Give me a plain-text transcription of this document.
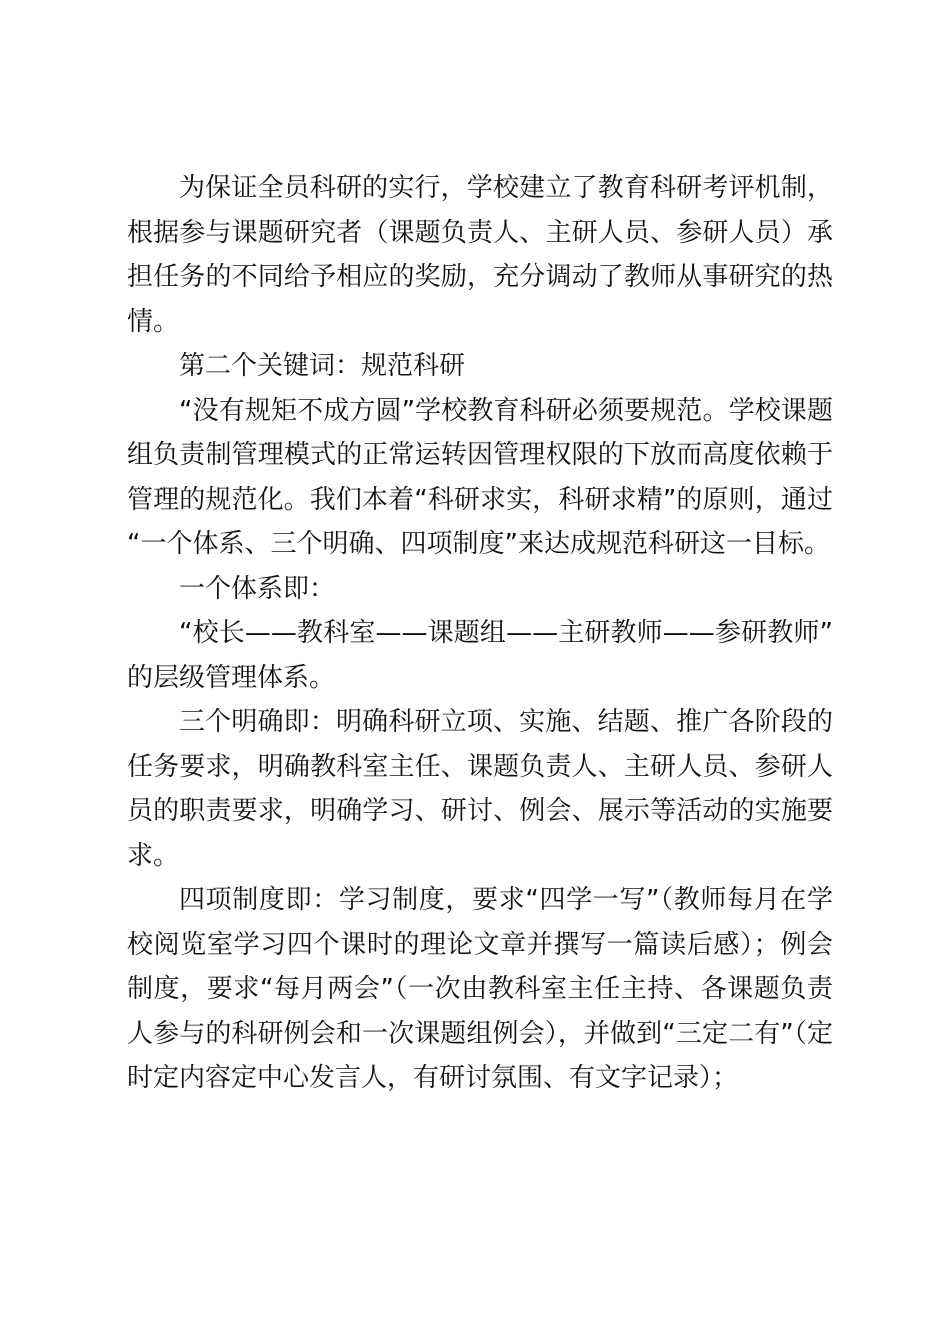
为保证全员科研的实行，学校建立了教育科研考评机制，根据参与课题研究者（课题负责人、主研人员、参研人员）承担任务的不同给予相应的奖励，充分调动了教师从事研究的热情。

第二个关键词：规范科研

“没有规矩不成方圆”学校教育科研必须要规范。学校课题组负责制管理模式的正常运转因管理权限的下放而高度依赖于管理的规范化。我们本着“科研求实，科研求精”的原则，通过“一个体系、三个明确、四项制度”来达成规范科研这一目标。

一个体系即：

“校长——教科室——课题组——主研教师——参研教师”的层级管理体系。

三个明确即：明确科研立项、实施、结题、推广各阶段的任务要求，明确教科室主任、课题负责人、主研人员、参研人员的职责要求，明确学习、研讨、例会、展示等活动的实施要求。

四项制度即：学习制度，要求“四学一写”（教师每月在学校阅览室学习四个课时的理论文章并撰写一篇读后感）；例会制度，要求“每月两会”（一次由教科室主任主持、各课题负责人参与的科研例会和一次课题组例会），并做到“三定二有”（定时定内容定中心发言人，有研讨氛围、有文字记录）；
